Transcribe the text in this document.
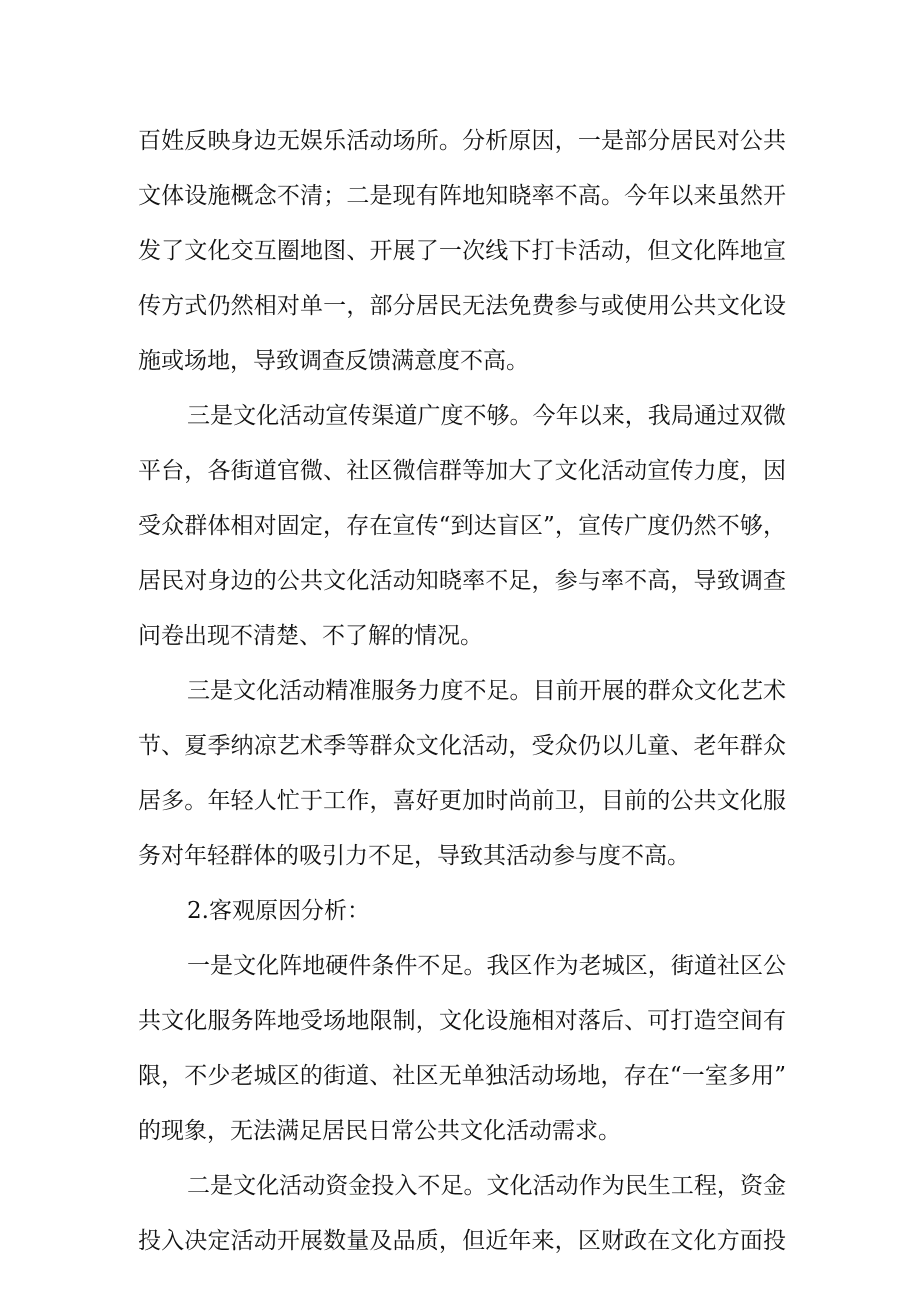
百姓反映身边无娱乐活动场所。分析原因，一是部分居民对公共
文体设施概念不清；二是现有阵地知晓率不高。今年以来虽然开
发了文化交互圈地图、开展了一次线下打卡活动，但文化阵地宣
传方式仍然相对单一，部分居民无法免费参与或使用公共文化设
施或场地，导致调查反馈满意度不高。
三是文化活动宣传渠道广度不够。今年以来，我局通过双微
平台，各街道官微、社区微信群等加大了文化活动宣传力度，因
受众群体相对固定，存在宣传“到达盲区”，宣传广度仍然不够，
居民对身边的公共文化活动知晓率不足，参与率不高，导致调查
问卷出现不清楚、不了解的情况。
三是文化活动精准服务力度不足。目前开展的群众文化艺术
节、夏季纳凉艺术季等群众文化活动，受众仍以儿童、老年群众
居多。年轻人忙于工作，喜好更加时尚前卫，目前的公共文化服
务对年轻群体的吸引力不足，导致其活动参与度不高。
2.客观原因分析：
一是文化阵地硬件条件不足。我区作为老城区，街道社区公
共文化服务阵地受场地限制，文化设施相对落后、可打造空间有
限，不少老城区的街道、社区无单独活动场地，存在“一室多用”
的现象，无法满足居民日常公共文化活动需求。
二是文化活动资金投入不足。文化活动作为民生工程，资金
投入决定活动开展数量及品质，但近年来，区财政在文化方面投
